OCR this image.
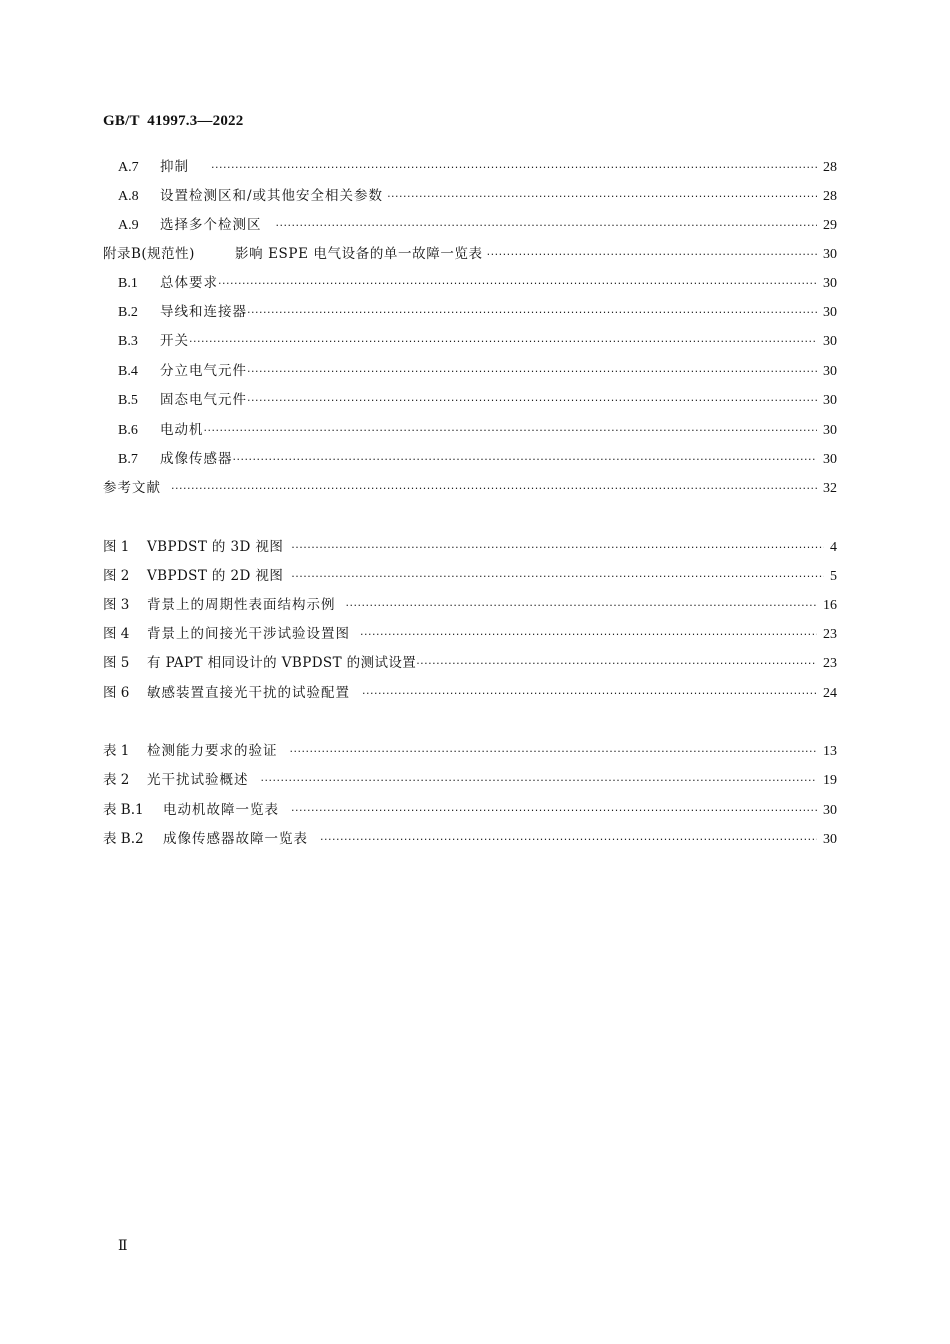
GB/T  41997.3—2022
A.7	抑制 ·····	28
A.8	设置检测区和/或其他安全相关参数 ·····	28
A.9	选择多个检测区 ·····	29
附录B(规范性)	影响 ESPE 电气设备的单一故障一览表 ·····	30
B.1	总体要求 ·····	30
B.2	导线和连接器 ·····	30
B.3	开关 ·····	30
B.4	分立电气元件 ·····	30
B.5	固态电气元件 ·····	30
B.6	电动机 ·····	30
B.7	成像传感器 ·····	30
参考文献 ·····	32
图 1	VBPDST 的 3D 视图 ·····	4
图 2	VBPDST 的 2D 视图 ·····	5
图 3	背景上的周期性表面结构示例 ·····	16
图 4	背景上的间接光干涉试验设置图 ·····	23
图 5	有 PAPT 相同设计的 VBPDST 的测试设置 ·····	23
图 6	敏感装置直接光干扰的试验配置 ·····	24
表 1	检测能力要求的验证 ·····	13
表 2	光干扰试验概述 ·····	19
表 B.1	电动机故障一览表 ·····	30
表 B.2	成像传感器故障一览表 ·····	30
Ⅱ
